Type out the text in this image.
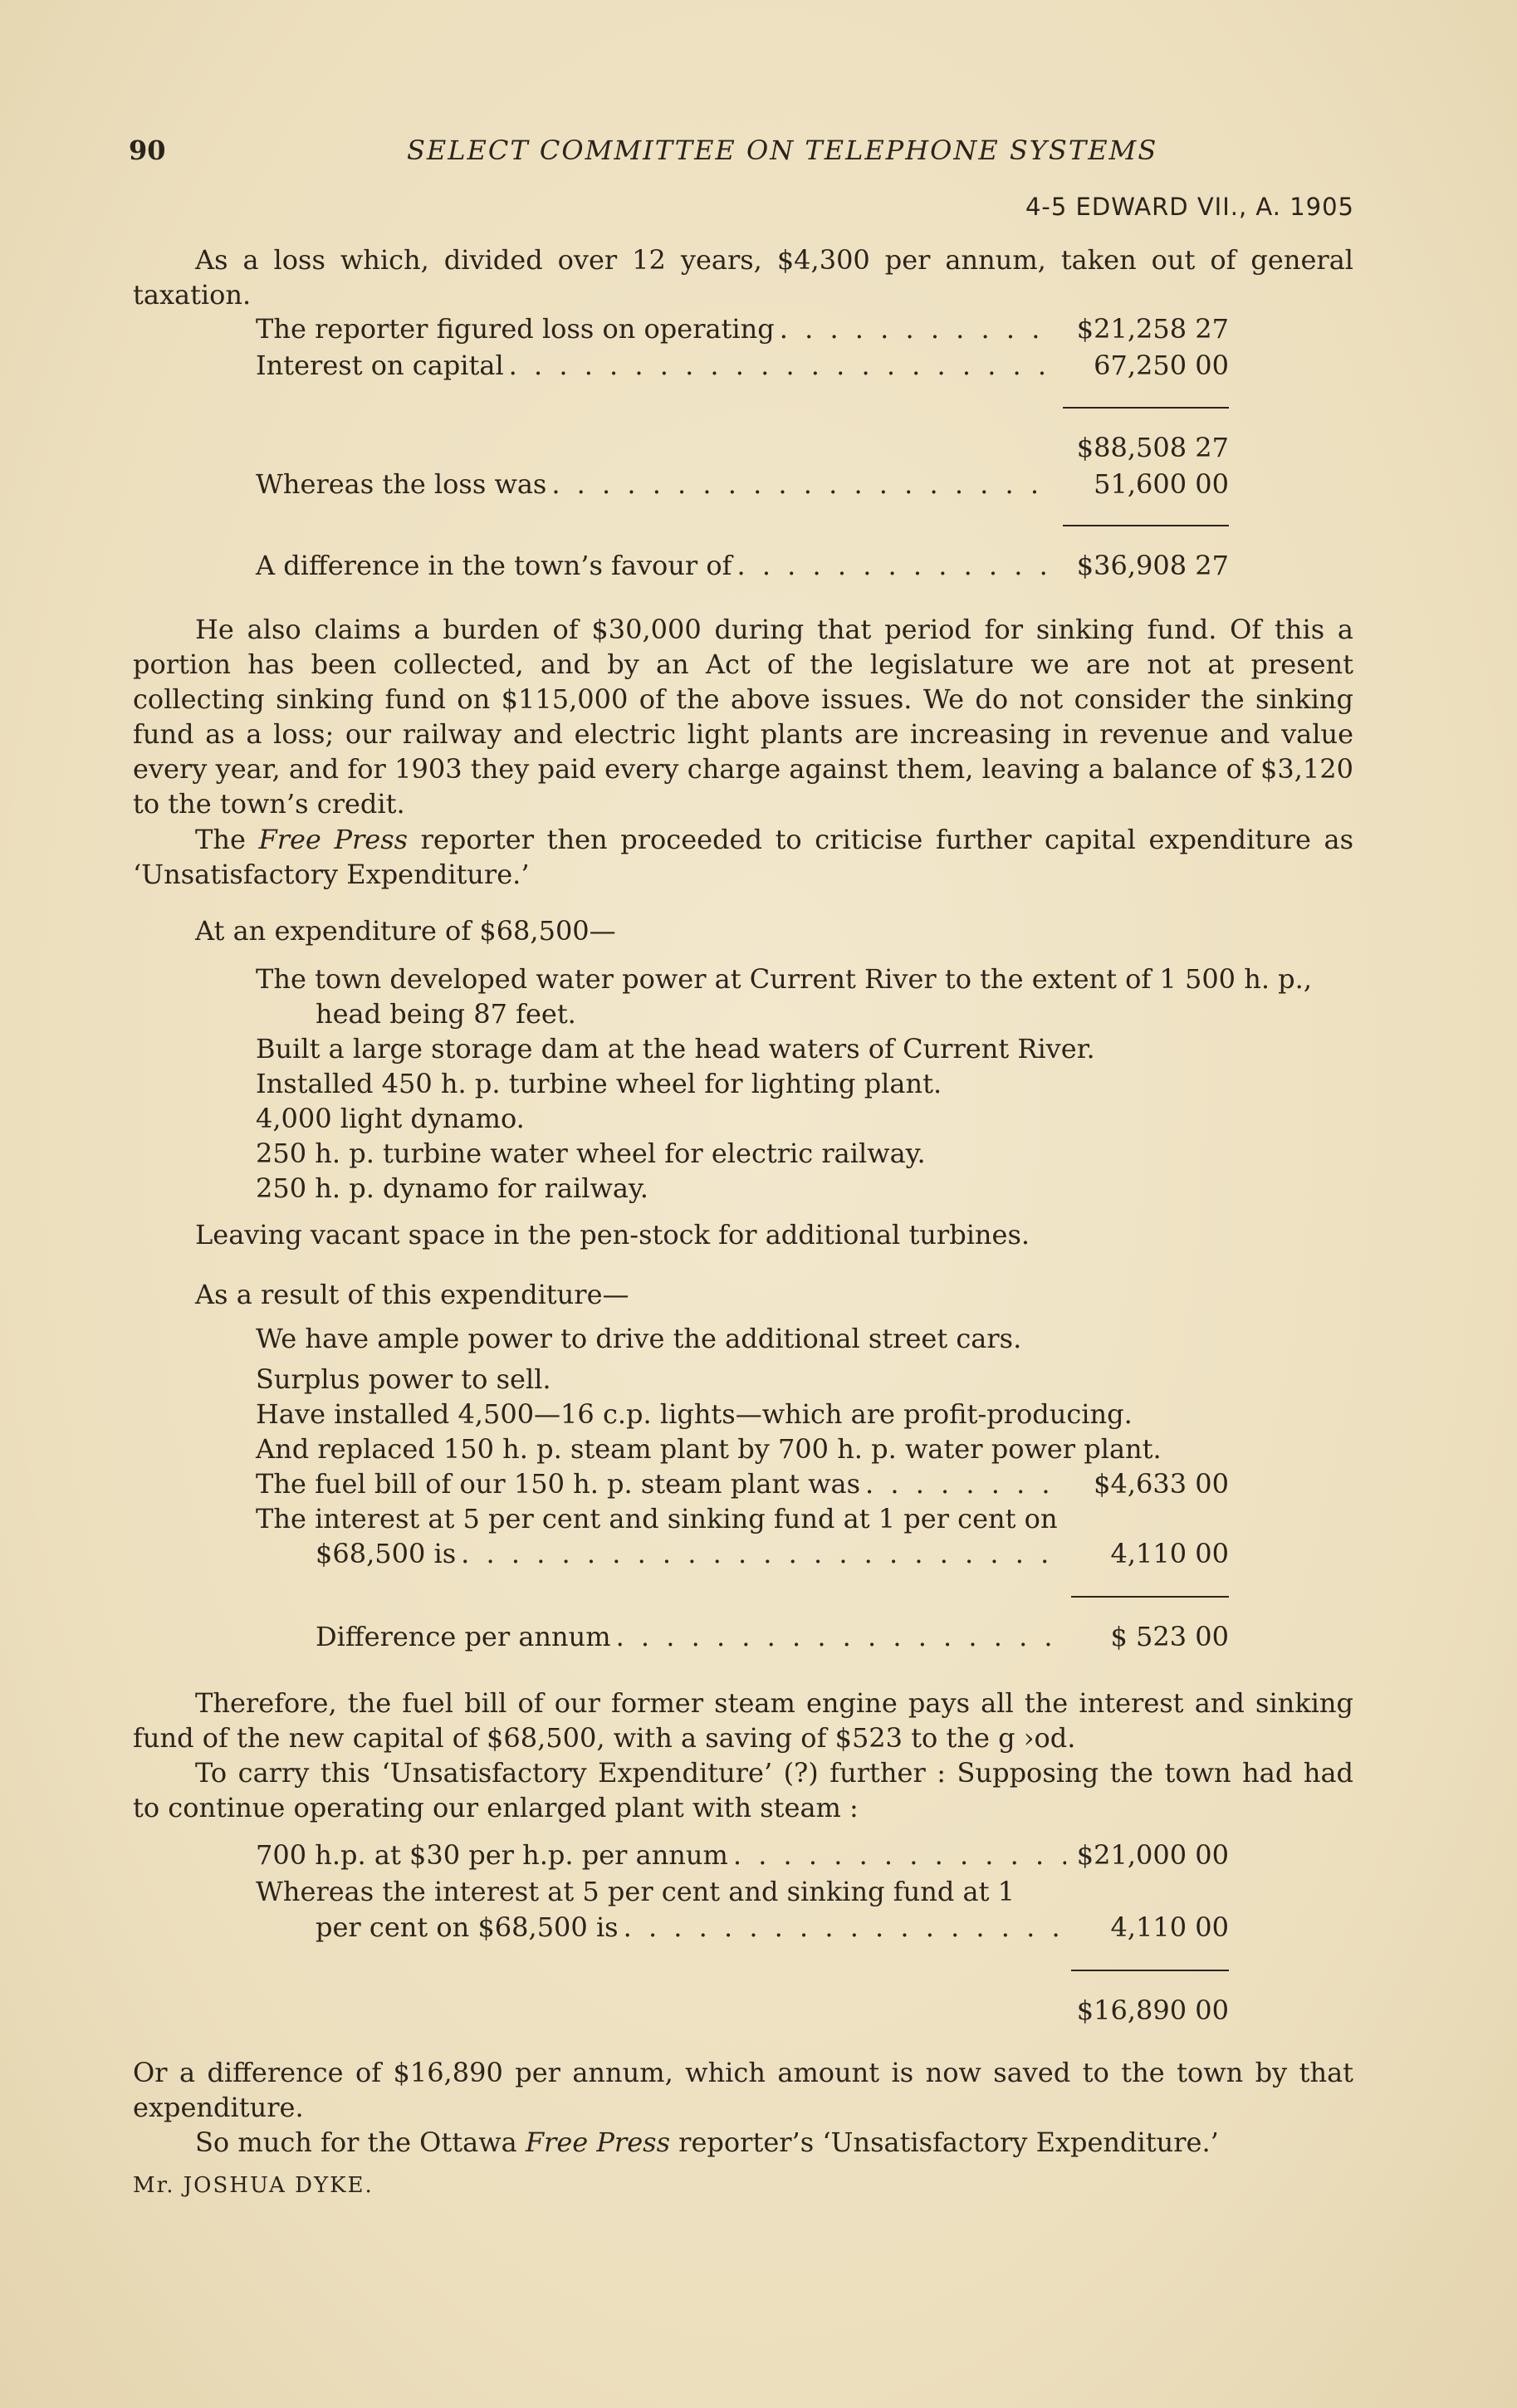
90	SELECT COMMITTEE ON TELEPHONE SYSTEMS
4-5 EDWARD VII., A. 1905
As a loss which, divided over 12 years, $4,300 per annum, taken out of general taxation.
The reporter figured loss on operating . . .	$21,258 27
Interest on capital . . .	67,250 00
$88,508 27
Whereas the loss was . . .	51,600 00
A difference in the town’s favour of . . .	$36,908 27
He also claims a burden of $30,000 during that period for sinking fund. Of this a portion has been collected, and by an Act of the legislature we are not at present collecting sinking fund on $115,000 of the above issues. We do not consider the sinking fund as a loss; our railway and electric light plants are increasing in revenue and value every year, and for 1903 they paid every charge against them, leaving a balance of $3,120 to the town’s credit.
The Free Press reporter then proceeded to criticise further capital expenditure as ‘Unsatisfactory Expenditure.’
At an expenditure of $68,500—
The town developed water power at Current River to the extent of 1 500 h. p.,
head being 87 feet.
Built a large storage dam at the head waters of Current River.
Installed 450 h. p. turbine wheel for lighting plant.
4,000 light dynamo.
250 h. p. turbine water wheel for electric railway.
250 h. p. dynamo for railway.
Leaving vacant space in the pen-stock for additional turbines.
As a result of this expenditure—
We have ample power to drive the additional street cars.
Surplus power to sell.
Have installed 4,500—16 c.p. lights—which are profit-producing.
And replaced 150 h. p. steam plant by 700 h. p. water power plant.
The fuel bill of our 150 h. p. steam plant was . . .	$4,633 00
The interest at 5 per cent and sinking fund at 1 per cent on
$68,500 is . . .	4,110 00
Difference per annum . . .	$ 523 00
Therefore, the fuel bill of our former steam engine pays all the interest and sinking fund of the new capital of $68,500, with a saving of $523 to the g ›od.
To carry this ‘Unsatisfactory Expenditure’ (?) further : Supposing the town had had to continue operating our enlarged plant with steam :
700 h.p. at $30 per h.p. per annum . . .	$21,000 00
Whereas the interest at 5 per cent and sinking fund at 1
per cent on $68,500 is . . .	4,110 00
$16,890 00
Or a difference of $16,890 per annum, which amount is now saved to the town by that expenditure.
So much for the Ottawa Free Press reporter’s ‘Unsatisfactory Expenditure.’
Mr. JOSHUA DYKE.
